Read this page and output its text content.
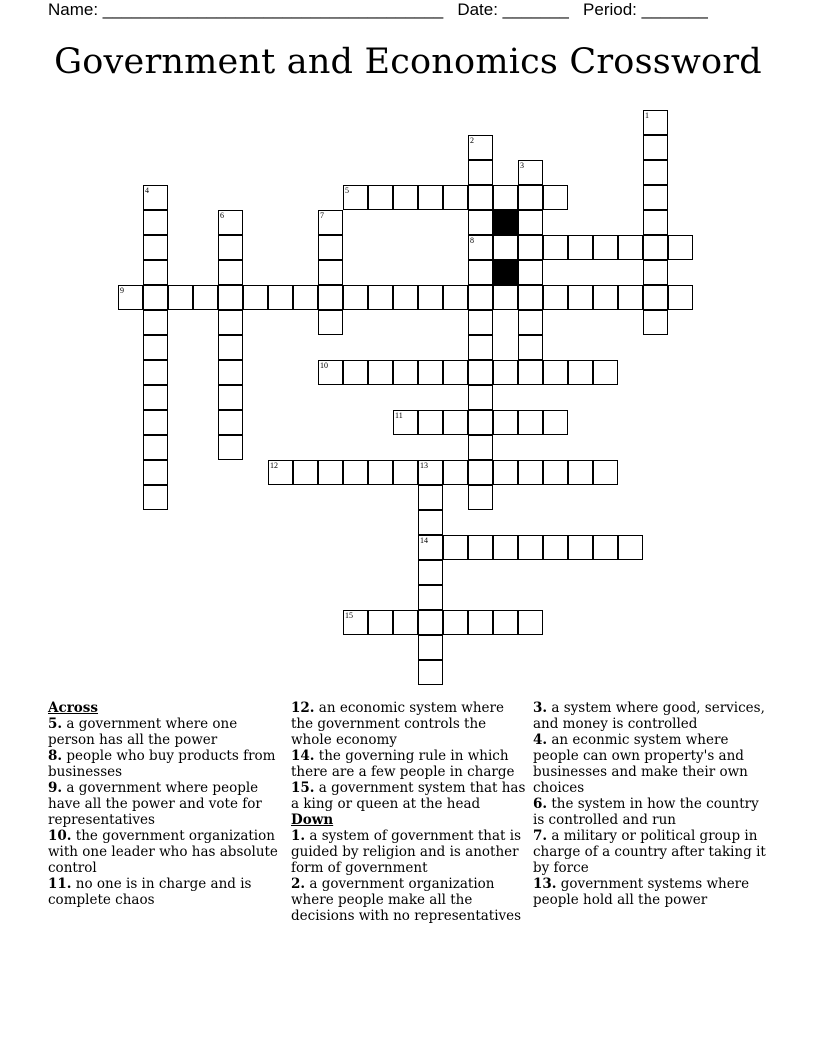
Name: ____________________________________   Date: _______   Period: _______
Government and Economics Crossword
1
2
8
3
4	5
6	7
9
10
11
12	13
14
15
Across
5. a government where one person has all the power
8. people who buy products from businesses
9. a government where people have all the power and vote for representatives
10. the government organization with one leader who has absolute control
11. no one is in charge and is complete chaos
12. an economic system where the government controls the whole economy
14. the governing rule in which there are a few people in charge
15. a government system that has a king or queen at the head
Down
1. a system of government that is guided by religion and is another form of government
2. a government organization where people make all the decisions with no representatives
3. a system where good, services, and money is controlled
4. an econmic system where people can own property's and businesses and make their own choices
6. the system in how the country is controlled and run
7. a military or political group in charge of a country after taking it by force
13. government systems where people hold all the power
